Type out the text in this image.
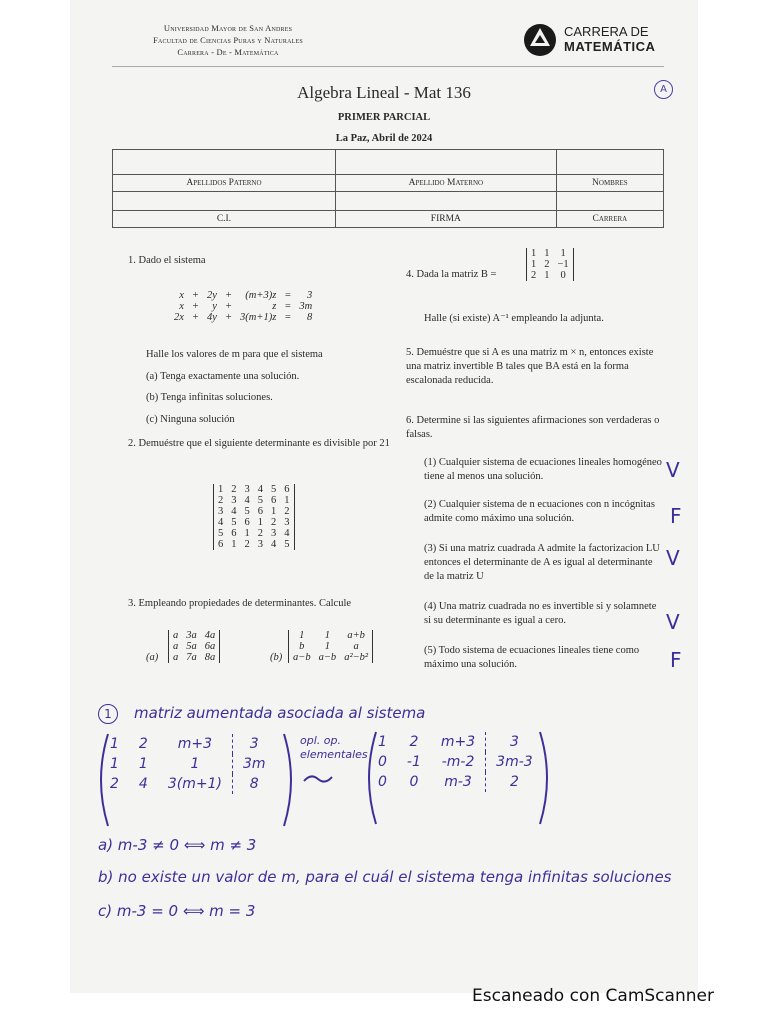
Universidad Mayor de San Andres
Facultad de Ciencias Puras y Naturales
Carrera - De - Matemática
CARRERA DE
MATEMÁTICA
Algebra Lineal - Mat 136	A
PRIMER PARCIAL
La Paz, Abril de 2024

Apellidos Paterno	Apellido Materno	Nombres

C.I.	FIRMA	Carrera
1. Dado el sistema
x	+	2y	+	(m+3)z	=	3
x	+	y	+	z	=	3m
2x	+	4y	+	3(m+1)z	=	8
Halle los valores de m para que el sistema
(a) Tenga exactamente una solución.
(b) Tenga infinitas soluciones.
(c) Ninguna solución
2. Demuéstre que el siguiente determinante es divisible por 21
1	2	3	4	5	6
2	3	4	5	6	1
3	4	5	6	1	2
4	5	6	1	2	3
5	6	1	2	3	4
6	1	2	3	4	5
3. Empleando propiedades de determinantes. Calcule
(a)
a	3a	4a
a	5a	6a
a	7a	8a	(b)
1	1	a+b
b	1	a
a−b	a−b	a²−b²
4. Dada la matriz B =
1	1	1
1	2	−1
2	1	0
Halle (si existe) A⁻¹ empleando la adjunta.
5. Demuéstre que si A es una matriz m × n, entonces existe una matriz invertible B tales que BA está en la forma escalonada reducida.
6. Determine si las siguientes afirmaciones son verdaderas o falsas.
(1) Cualquier sistema de ecuaciones lineales homogéneo tiene al menos una solución.
(2) Cualquier sistema de n ecuaciones con n incógnitas admite como máximo una solución.
(3) Si una matriz cuadrada A admite la factorizacion LU entonces el determinante de A es igual al determinante de la matriz U
(4) Una matriz cuadrada no es invertible si y solamnete si su determinante es igual a cero.
(5) Todo sistema de ecuaciones lineales tiene como máximo una solución.
V
F
V
V
F
1	matriz aumentada asociada al sistema
1	2	m+3	3
1	1	1	3m
2	4	3(m+1)	8
opl. op. elementales
1	2	m+3	3
0	-1	-m-2	3m-3
0	0	m-3	2
a) m-3 ≠ 0 ⟺ m ≠ 3
b) no existe un valor de m, para el cuál el sistema tenga infinitas soluciones
c) m-3 = 0 ⟺ m = 3
Escaneado con CamScanner
